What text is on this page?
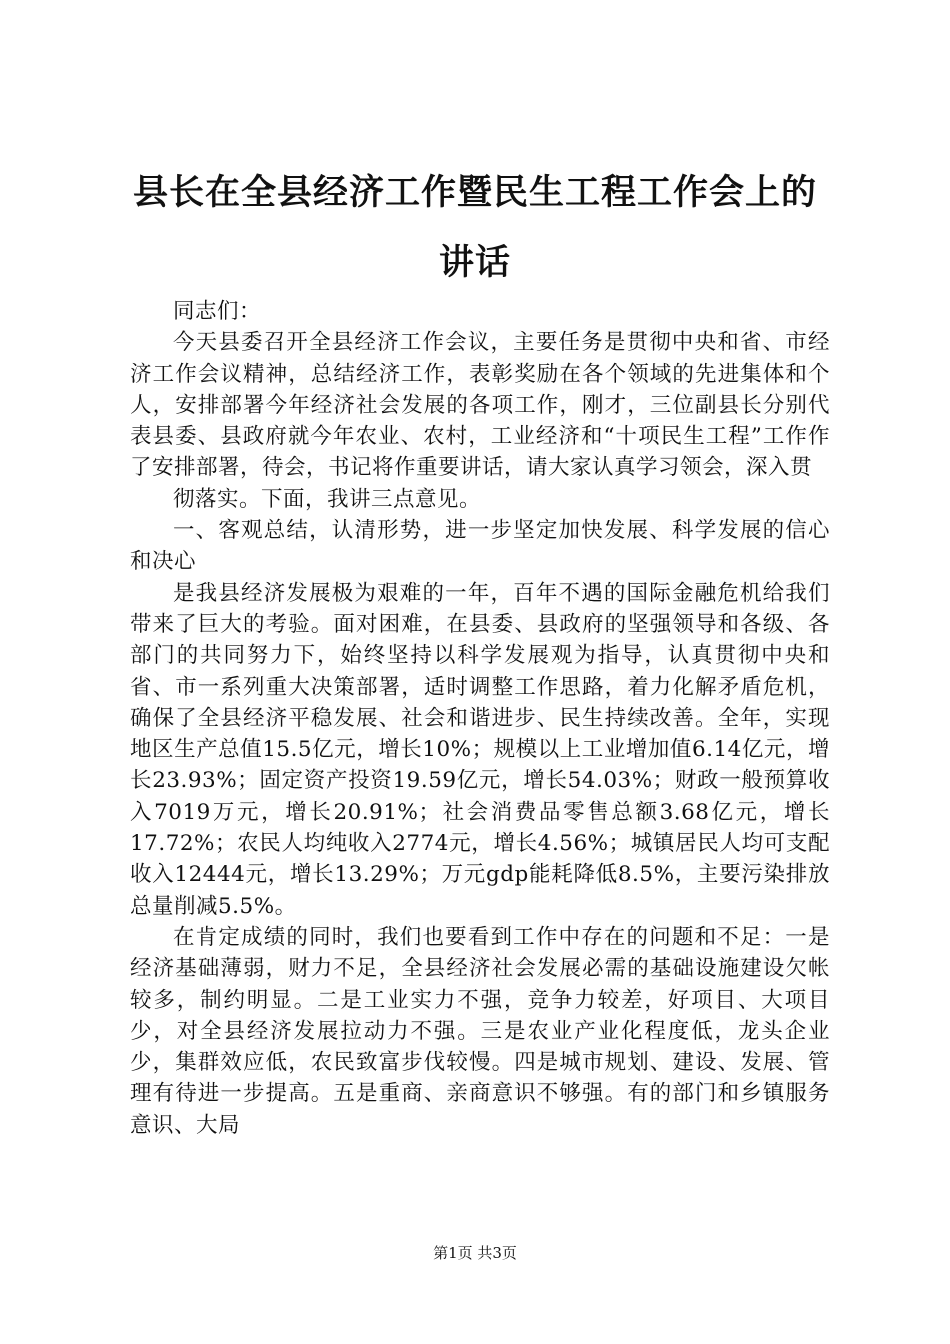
县长在全县经济工作暨民生工程工作会上的讲话

同志们：

今天县委召开全县经济工作会议，主要任务是贯彻中央和省、市经济工作会议精神，总结经济工作，表彰奖励在各个领域的先进集体和个人，安排部署今年经济社会发展的各项工作，刚才，三位副县长分别代表县委、县政府就今年农业、农村，工业经济和“十项民生工程”工作作了安排部署，待会，书记将作重要讲话，请大家认真学习领会，深入贯

彻落实。下面，我讲三点意见。

一、客观总结，认清形势，进一步坚定加快发展、科学发展的信心和决心

是我县经济发展极为艰难的一年，百年不遇的国际金融危机给我们带来了巨大的考验。面对困难，在县委、县政府的坚强领导和各级、各部门的共同努力下，始终坚持以科学发展观为指导，认真贯彻中央和省、市一系列重大决策部署，适时调整工作思路，着力化解矛盾危机，确保了全县经济平稳发展、社会和谐进步、民生持续改善。全年，实现地区生产总值15.5亿元，增长10%；规模以上工业增加值6.14亿元，增长23.93%；固定资产投资19.59亿元，增长54.03%；财政一般预算收入7019万元，增长20.91%；社会消费品零售总额3.68亿元，增长17.72%；农民人均纯收入2774元，增长4.56%；城镇居民人均可支配收入12444元，增长13.29%；万元gdp能耗降低8.5%，主要污染排放总量削减5.5%。

在肯定成绩的同时，我们也要看到工作中存在的问题和不足：一是经济基础薄弱，财力不足，全县经济社会发展必需的基础设施建设欠帐较多，制约明显。二是工业实力不强，竞争力较差，好项目、大项目少，对全县经济发展拉动力不强。三是农业产业化程度低，龙头企业少，集群效应低，农民致富步伐较慢。四是城市规划、建设、发展、管理有待进一步提高。五是重商、亲商意识不够强。有的部门和乡镇服务意识、大局

第1页 共3页
